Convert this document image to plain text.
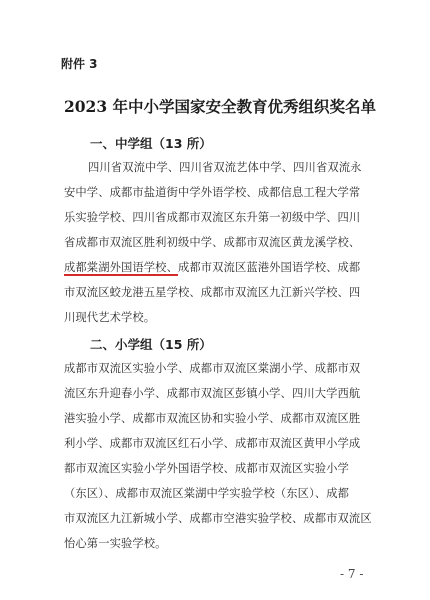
附件 3
2023 年中小学国家安全教育优秀组织奖名单
一、中学组（13 所）
四川省双流中学、四川省双流艺体中学、四川省双流永
安中学、成都市盐道街中学外语学校、成都信息工程大学常
乐实验学校、四川省成都市双流区东升第一初级中学、四川
省成都市双流区胜利初级中学、成都市双流区黄龙溪学校、
成都棠湖外国语学校、成都市双流区蓝港外国语学校、成都
市双流区蛟龙港五星学校、成都市双流区九江新兴学校、四
川现代艺术学校。
二、小学组（15 所）
成都市双流区实验小学、成都市双流区棠湖小学、成都市双
流区东升迎春小学、成都市双流区彭镇小学、四川大学西航
港实验小学、成都市双流区协和实验小学、成都市双流区胜
利小学、成都市双流区红石小学、成都市双流区黄甲小学成
都市双流区实验小学外国语学校、成都市双流区实验小学
（东区）、成都市双流区棠湖中学实验学校（东区）、成都
市双流区九江新城小学、成都市空港实验学校、成都市双流区
怡心第一实验学校。
- 7 -
